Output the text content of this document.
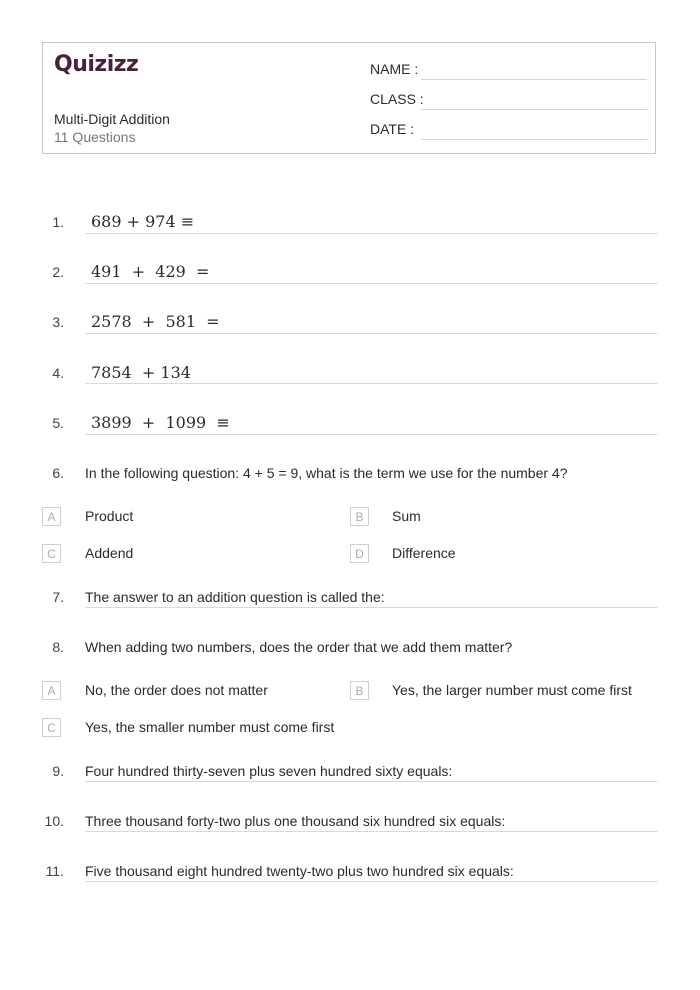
Quizizz
Multi-Digit Addition
11 Questions
NAME :
CLASS :
DATE :
1. 689 + 974 ≡
2. 491  +  429  =
3. 2578  +  581  =
4. 7854  + 134
5. 3899  +  1099  ≡
6. In the following question: 4 + 5 = 9, what is the term we use for the number 4?
A	Product	B	Sum
C	Addend	D	Difference
7. The answer to an addition question is called the:
8. When adding two numbers, does the order that we add them matter?
A	No, the order does not matter	B	Yes, the larger number must come first
C	Yes, the smaller number must come first
9. Four hundred thirty-seven plus seven hundred sixty equals:
10. Three thousand forty-two plus one thousand six hundred six equals:
11. Five thousand eight hundred twenty-two plus two hundred six equals:
